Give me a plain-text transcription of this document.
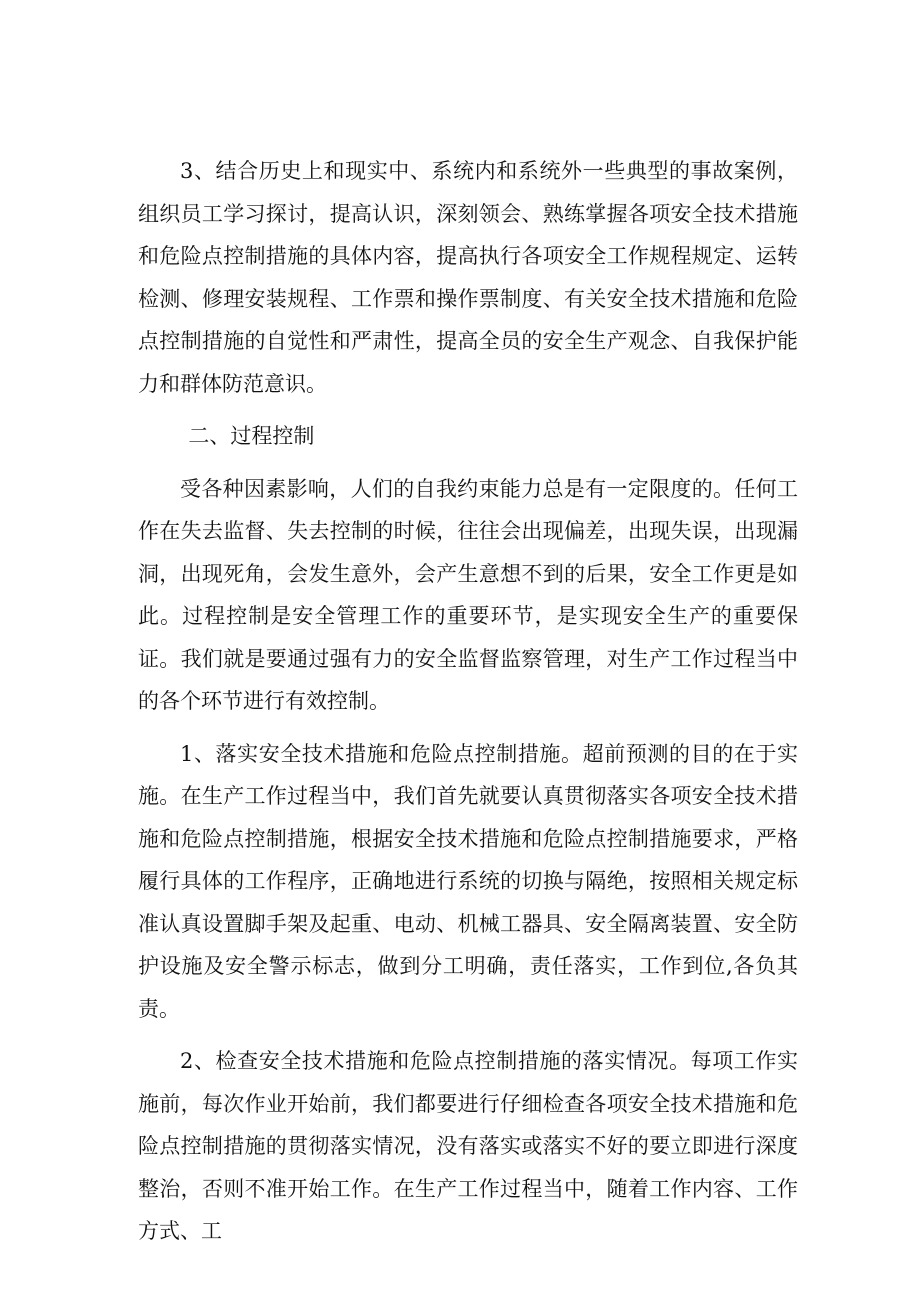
3、结合历史上和现实中、系统内和系统外一些典型的事故案例，组织员工学习探讨，提高认识，深刻领会、熟练掌握各项安全技术措施和危险点控制措施的具体内容，提高执行各项安全工作规程规定、运转检测、修理安装规程、工作票和操作票制度、有关安全技术措施和危险点控制措施的自觉性和严肃性，提高全员的安全生产观念、自我保护能力和群体防范意识。

二、过程控制

受各种因素影响，人们的自我约束能力总是有一定限度的。任何工作在失去监督、失去控制的时候，往往会出现偏差，出现失误，出现漏洞，出现死角，会发生意外，会产生意想不到的后果，安全工作更是如此。过程控制是安全管理工作的重要环节，是实现安全生产的重要保证。我们就是要通过强有力的安全监督监察管理，对生产工作过程当中的各个环节进行有效控制。

1、落实安全技术措施和危险点控制措施。超前预测的目的在于实施。在生产工作过程当中，我们首先就要认真贯彻落实各项安全技术措施和危险点控制措施，根据安全技术措施和危险点控制措施要求，严格履行具体的工作程序，正确地进行系统的切换与隔绝，按照相关规定标准认真设置脚手架及起重、电动、机械工器具、安全隔离装置、安全防护设施及安全警示标志，做到分工明确，责任落实，工作到位,各负其责。

2、检查安全技术措施和危险点控制措施的落实情况。每项工作实施前，每次作业开始前，我们都要进行仔细检查各项安全技术措施和危险点控制措施的贯彻落实情况，没有落实或落实不好的要立即进行深度整治，否则不准开始工作。在生产工作过程当中，随着工作内容、工作方式、工
